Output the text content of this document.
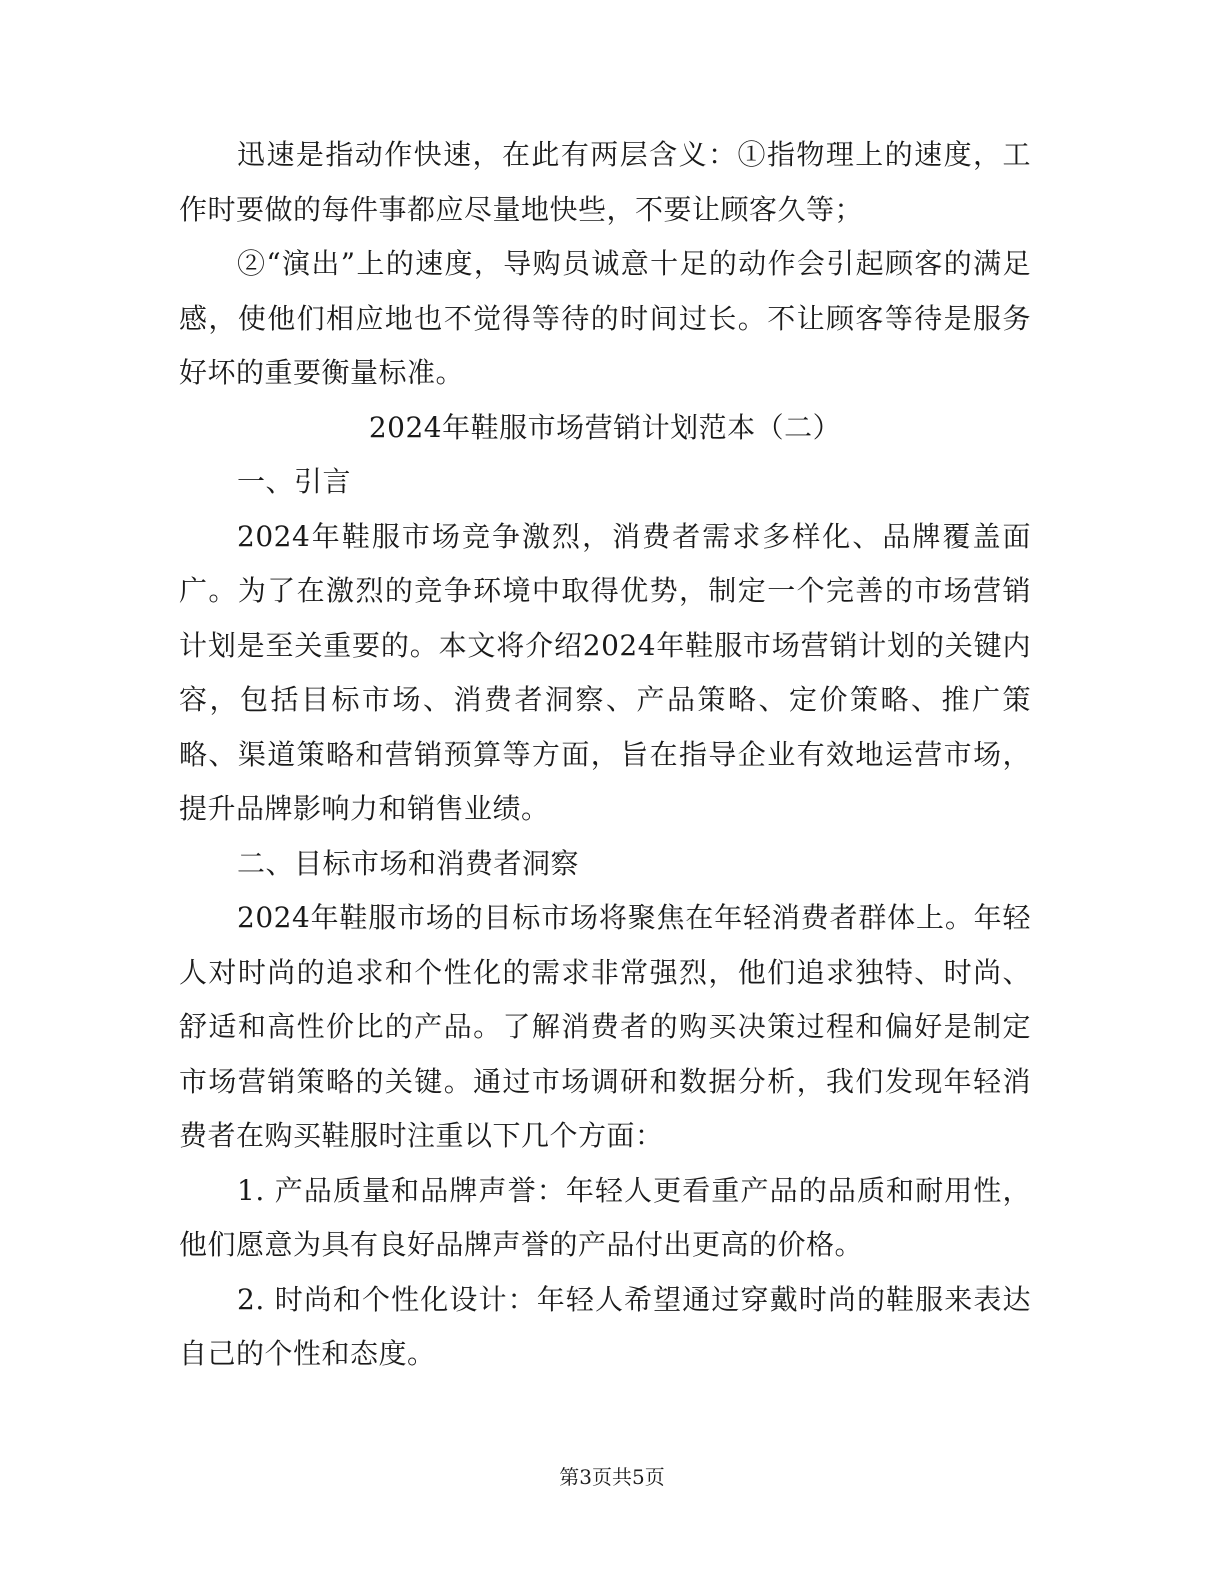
迅速是指动作快速，在此有两层含义：①指物理上的速度，工作时要做的每件事都应尽量地快些，不要让顾客久等；

②“演出”上的速度，导购员诚意十足的动作会引起顾客的满足感，使他们相应地也不觉得等待的时间过长。不让顾客等待是服务好坏的重要衡量标准。

2024年鞋服市场营销计划范本（二）

一、引言

2024年鞋服市场竞争激烈，消费者需求多样化、品牌覆盖面广。为了在激烈的竞争环境中取得优势，制定一个完善的市场营销计划是至关重要的。本文将介绍2024年鞋服市场营销计划的关键内容，包括目标市场、消费者洞察、产品策略、定价策略、推广策略、渠道策略和营销预算等方面，旨在指导企业有效地运营市场，提升品牌影响力和销售业绩。

二、目标市场和消费者洞察

2024年鞋服市场的目标市场将聚焦在年轻消费者群体上。年轻人对时尚的追求和个性化的需求非常强烈，他们追求独特、时尚、舒适和高性价比的产品。了解消费者的购买决策过程和偏好是制定市场营销策略的关键。通过市场调研和数据分析，我们发现年轻消费者在购买鞋服时注重以下几个方面：

1. 产品质量和品牌声誉：年轻人更看重产品的品质和耐用性，他们愿意为具有良好品牌声誉的产品付出更高的价格。

2. 时尚和个性化设计：年轻人希望通过穿戴时尚的鞋服来表达自己的个性和态度。

第3页共5页
